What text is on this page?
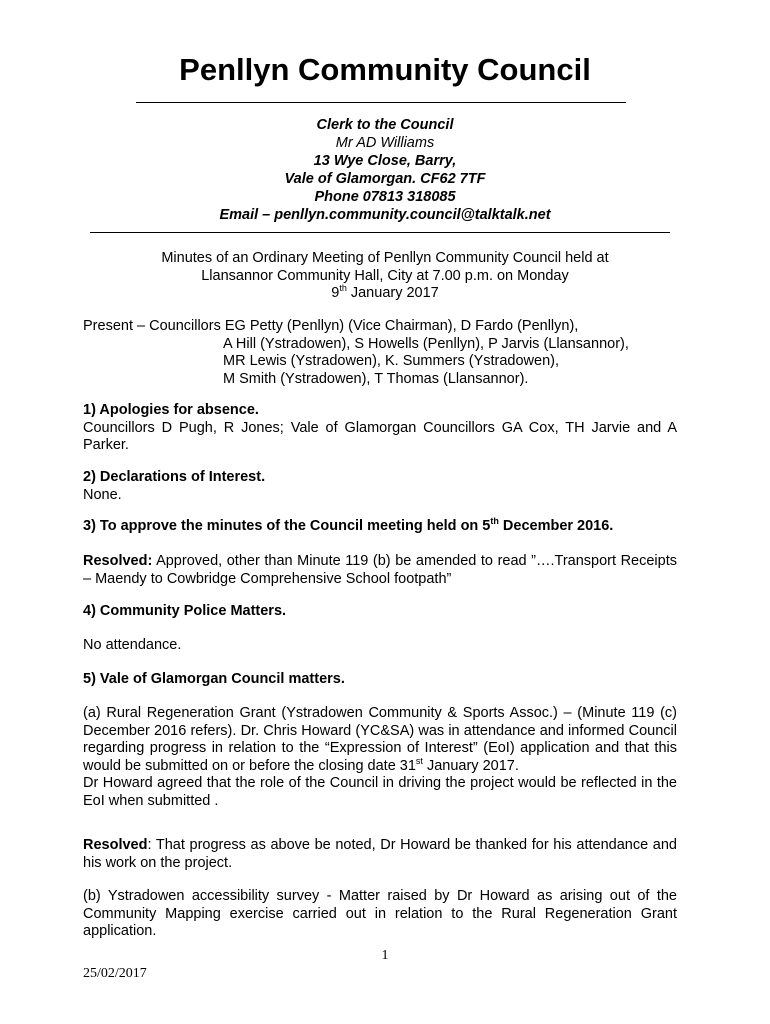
Penllyn Community Council
Clerk to the Council
Mr AD Williams
13 Wye Close, Barry,
Vale of Glamorgan. CF62 7TF
Phone 07813 318085
Email – penllyn.community.council@talktalk.net
Minutes of an Ordinary Meeting of Penllyn Community Council held at
Llansannor Community Hall, City at 7.00 p.m. on Monday
9th January 2017
Present – Councillors EG Petty (Penllyn) (Vice Chairman), D Fardo (Penllyn),
A Hill (Ystradowen), S Howells (Penllyn), P Jarvis (Llansannor),
MR Lewis (Ystradowen), K. Summers (Ystradowen),
M Smith (Ystradowen), T Thomas (Llansannor).
1) Apologies for absence.
Councillors D Pugh, R Jones; Vale of Glamorgan Councillors GA Cox, TH Jarvie and A Parker.
2) Declarations of Interest.
None.
3) To approve the minutes of the Council meeting held on 5th December 2016.
Resolved: Approved, other than Minute 119 (b) be amended to read ”….Transport Receipts – Maendy to Cowbridge Comprehensive School footpath”
4) Community Police Matters.
No attendance.
5) Vale of Glamorgan Council matters.
(a) Rural Regeneration Grant (Ystradowen Community & Sports Assoc.) – (Minute 119 (c) December 2016 refers). Dr. Chris Howard (YC&SA) was in attendance and informed Council regarding progress in relation to the “Expression of Interest” (EoI) application and that this would be submitted on or before the closing date 31st January 2017.
Dr Howard agreed that the role of the Council in driving the project would be reflected in the EoI when submitted .
Resolved: That progress as above be noted, Dr Howard be thanked for his attendance and his work on the project.
(b) Ystradowen accessibility survey - Matter raised by Dr Howard as arising out of the Community Mapping exercise carried out in relation to the Rural Regeneration Grant application.
1
25/02/2017
